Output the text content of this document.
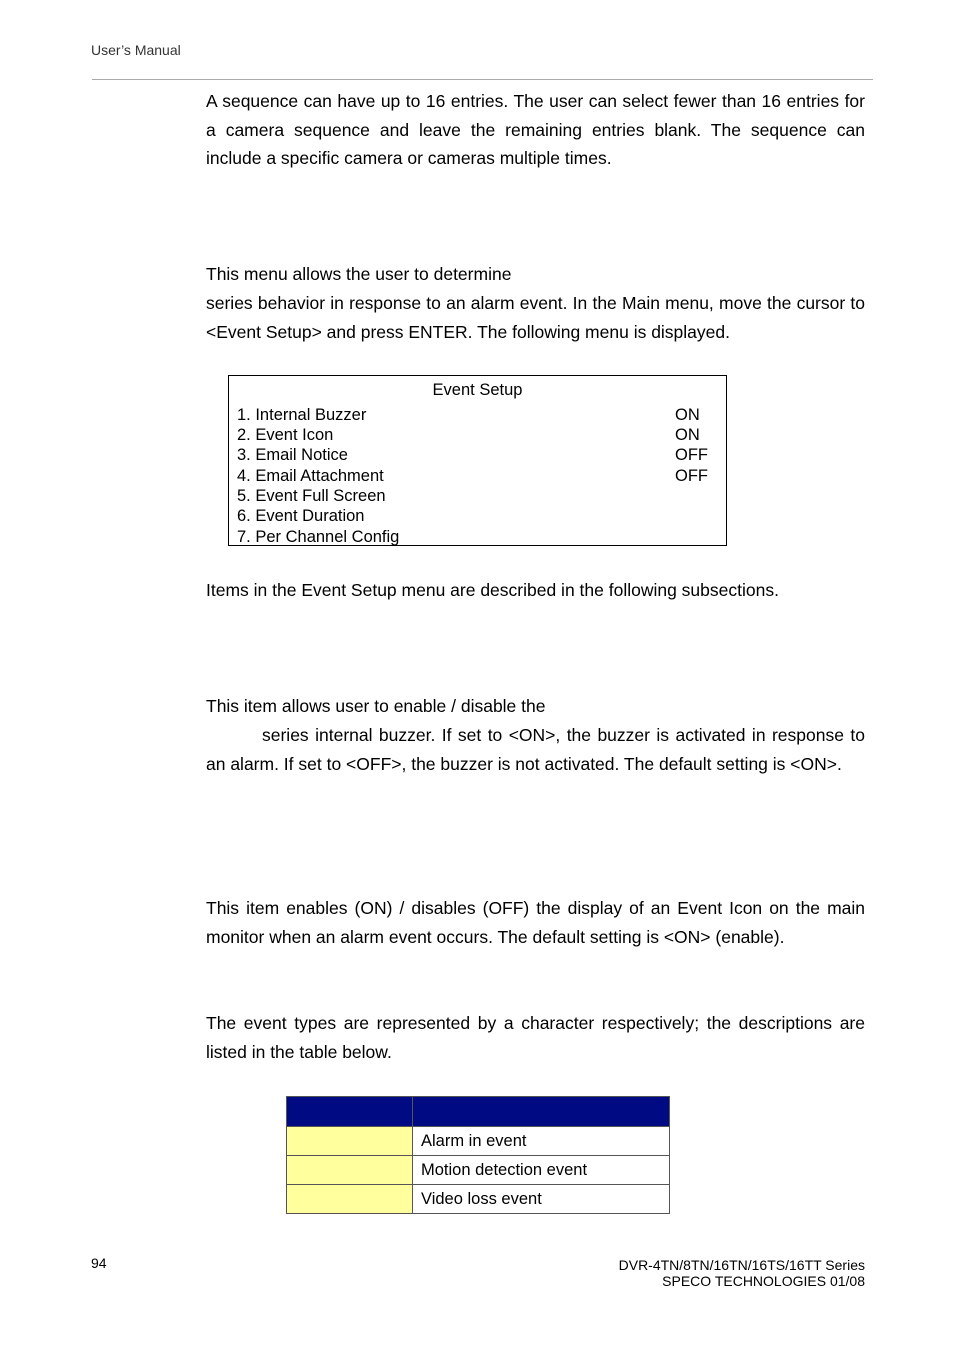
User’s Manual

A sequence can have up to 16 entries. The user can select fewer than 16 entries for a camera sequence and leave the remaining entries blank. The sequence can include a specific camera or cameras multiple times.

This menu allows the user to determine

series behavior in response to an alarm event. In the Main menu, move the cursor to <Event Setup> and press ENTER. The following menu is displayed.

Event Setup
1. Internal Buzzer	ON
2. Event Icon	ON
3. Email Notice	OFF
4. Email Attachment	OFF
5. Event Full Screen
6. Event Duration
7. Per Channel Config
Items in the Event Setup menu are described in the following subsections.
This item allows user to enable / disable the

series internal buzzer. If set to <ON>, the buzzer is activated in response to an alarm. If set to <OFF>, the buzzer is not activated. The default setting is <ON>.

This item enables (ON) / disables (OFF) the display of an Event Icon on the main monitor when an alarm event occurs. The default setting is <ON> (enable).

The event types are represented by a character respectively; the descriptions are listed in the table below.

	Alarm in event
	Motion detection event
	Video loss event
94	DVR-4TN/8TN/16TN/16TS/16TT Series
SPECO TECHNOLOGIES 01/08
